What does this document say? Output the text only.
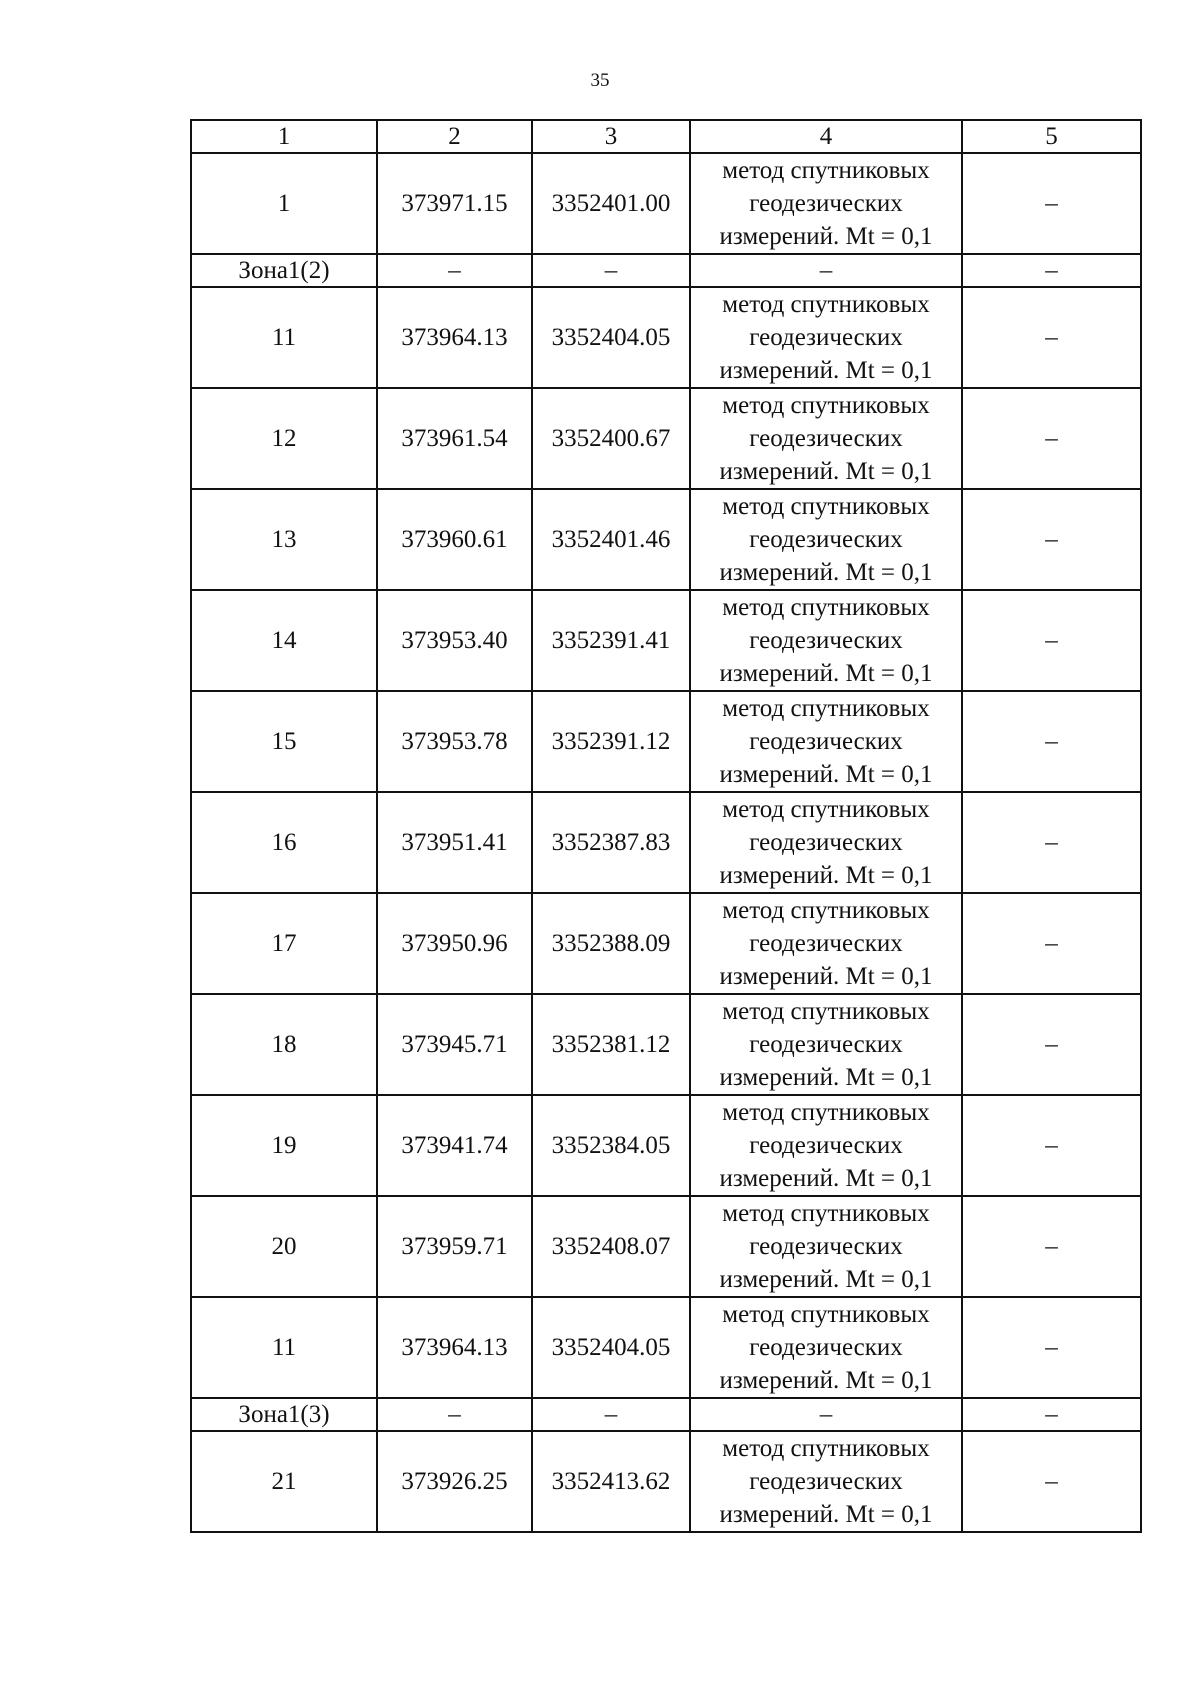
35
1	2	3	4	5
1	373971.15	3352401.00	метод спутниковых
геодезических
измерений. Mt = 0,1	–
Зона1(2)	–	–	–	–
11	373964.13	3352404.05	метод спутниковых
геодезических
измерений. Mt = 0,1	–
12	373961.54	3352400.67	метод спутниковых
геодезических
измерений. Mt = 0,1	–
13	373960.61	3352401.46	метод спутниковых
геодезических
измерений. Mt = 0,1	–
14	373953.40	3352391.41	метод спутниковых
геодезических
измерений. Mt = 0,1	–
15	373953.78	3352391.12	метод спутниковых
геодезических
измерений. Mt = 0,1	–
16	373951.41	3352387.83	метод спутниковых
геодезических
измерений. Mt = 0,1	–
17	373950.96	3352388.09	метод спутниковых
геодезических
измерений. Mt = 0,1	–
18	373945.71	3352381.12	метод спутниковых
геодезических
измерений. Mt = 0,1	–
19	373941.74	3352384.05	метод спутниковых
геодезических
измерений. Mt = 0,1	–
20	373959.71	3352408.07	метод спутниковых
геодезических
измерений. Mt = 0,1	–
11	373964.13	3352404.05	метод спутниковых
геодезических
измерений. Mt = 0,1	–
Зона1(3)	–	–	–	–
21	373926.25	3352413.62	метод спутниковых
геодезических
измерений. Mt = 0,1	–
